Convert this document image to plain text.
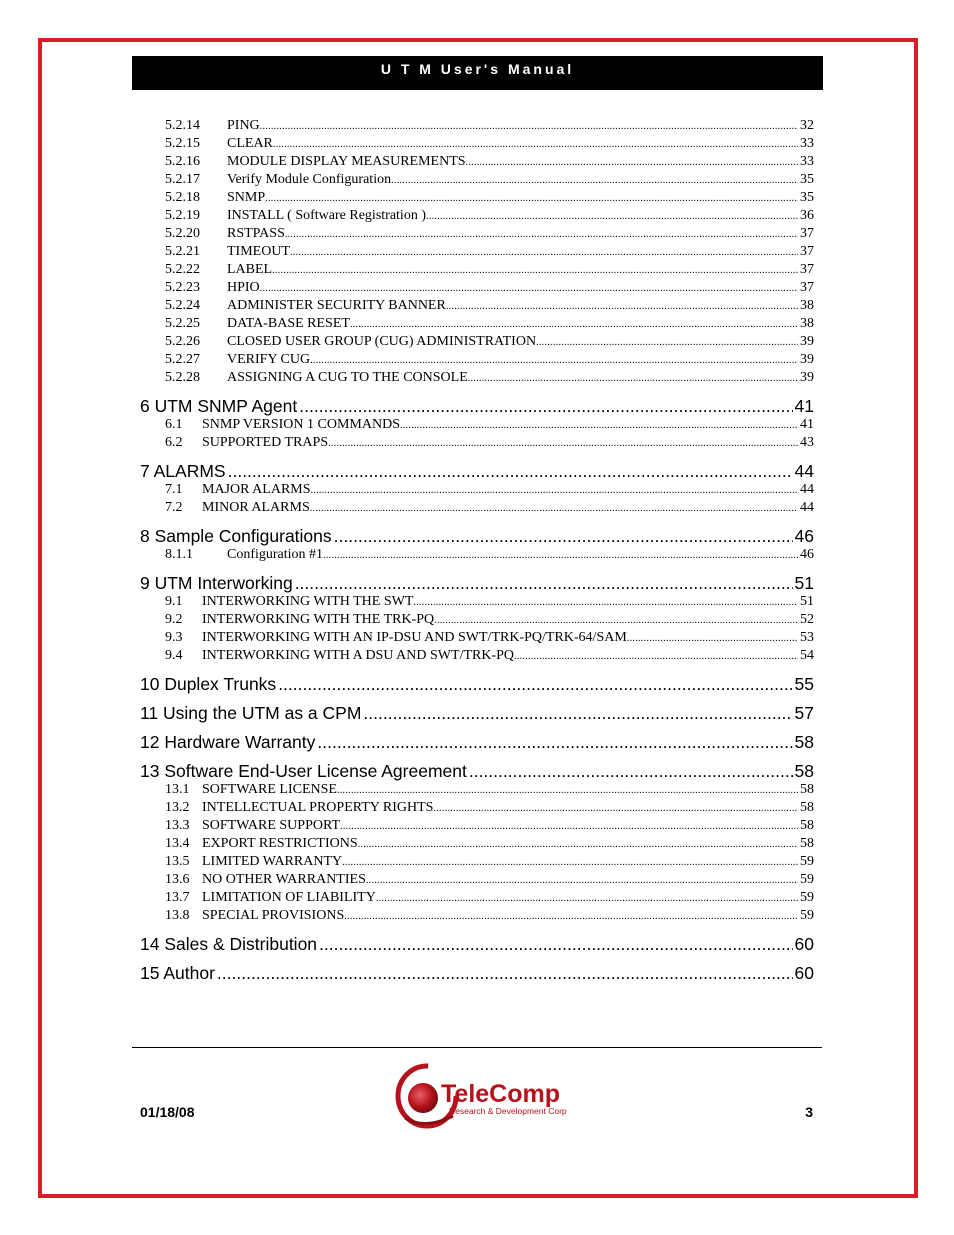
U T M User's Manual
5.2.14	PING .....	32
5.2.15	CLEAR .....	33
5.2.16	MODULE DISPLAY MEASUREMENTS .....	33
5.2.17	Verify Module Configuration .....	35
5.2.18	SNMP .....	35
5.2.19	INSTALL ( Software Registration ) .....	36
5.2.20	RSTPASS .....	37
5.2.21	TIMEOUT .....	37
5.2.22	LABEL .....	37
5.2.23	HPIO .....	37
5.2.24	ADMINISTER SECURITY BANNER .....	38
5.2.25	DATA-BASE RESET .....	38
5.2.26	CLOSED USER GROUP (CUG) ADMINISTRATION .....	39
5.2.27	VERIFY CUG .....	39
5.2.28	ASSIGNING A CUG TO THE CONSOLE .....	39
6 UTM SNMP Agent .....	41
6.1	SNMP VERSION 1 COMMANDS .....	41
6.2	SUPPORTED TRAPS .....	43
7 ALARMS .....	44
7.1	MAJOR ALARMS .....	44
7.2	MINOR ALARMS .....	44
8 Sample Configurations .....	46
8.1.1	Configuration #1 .....	46
9 UTM Interworking .....	51
9.1	INTERWORKING WITH THE SWT .....	51
9.2	INTERWORKING WITH THE TRK-PQ .....	52
9.3	INTERWORKING WITH AN IP-DSU AND SWT/TRK-PQ/TRK-64/SAM .....	53
9.4	INTERWORKING WITH A DSU AND SWT/TRK-PQ .....	54
10 Duplex Trunks .....	55
11 Using the UTM as a CPM .....	57
12 Hardware Warranty .....	58
13 Software End-User License Agreement .....	58
13.1 SOFTWARE LICENSE .....	58
13.2 INTELLECTUAL PROPERTY RIGHTS .....	58
13.3 SOFTWARE SUPPORT .....	58
13.4 EXPORT RESTRICTIONS .....	58
13.5 LIMITED WARRANTY .....	59
13.6 NO OTHER WARRANTIES .....	59
13.7 LIMITATION OF LIABILITY .....	59
13.8 SPECIAL PROVISIONS .....	59
14 Sales & Distribution .....	60
15 Author .....	60
TeleComp
Research & Development Corp
01/18/08	3
